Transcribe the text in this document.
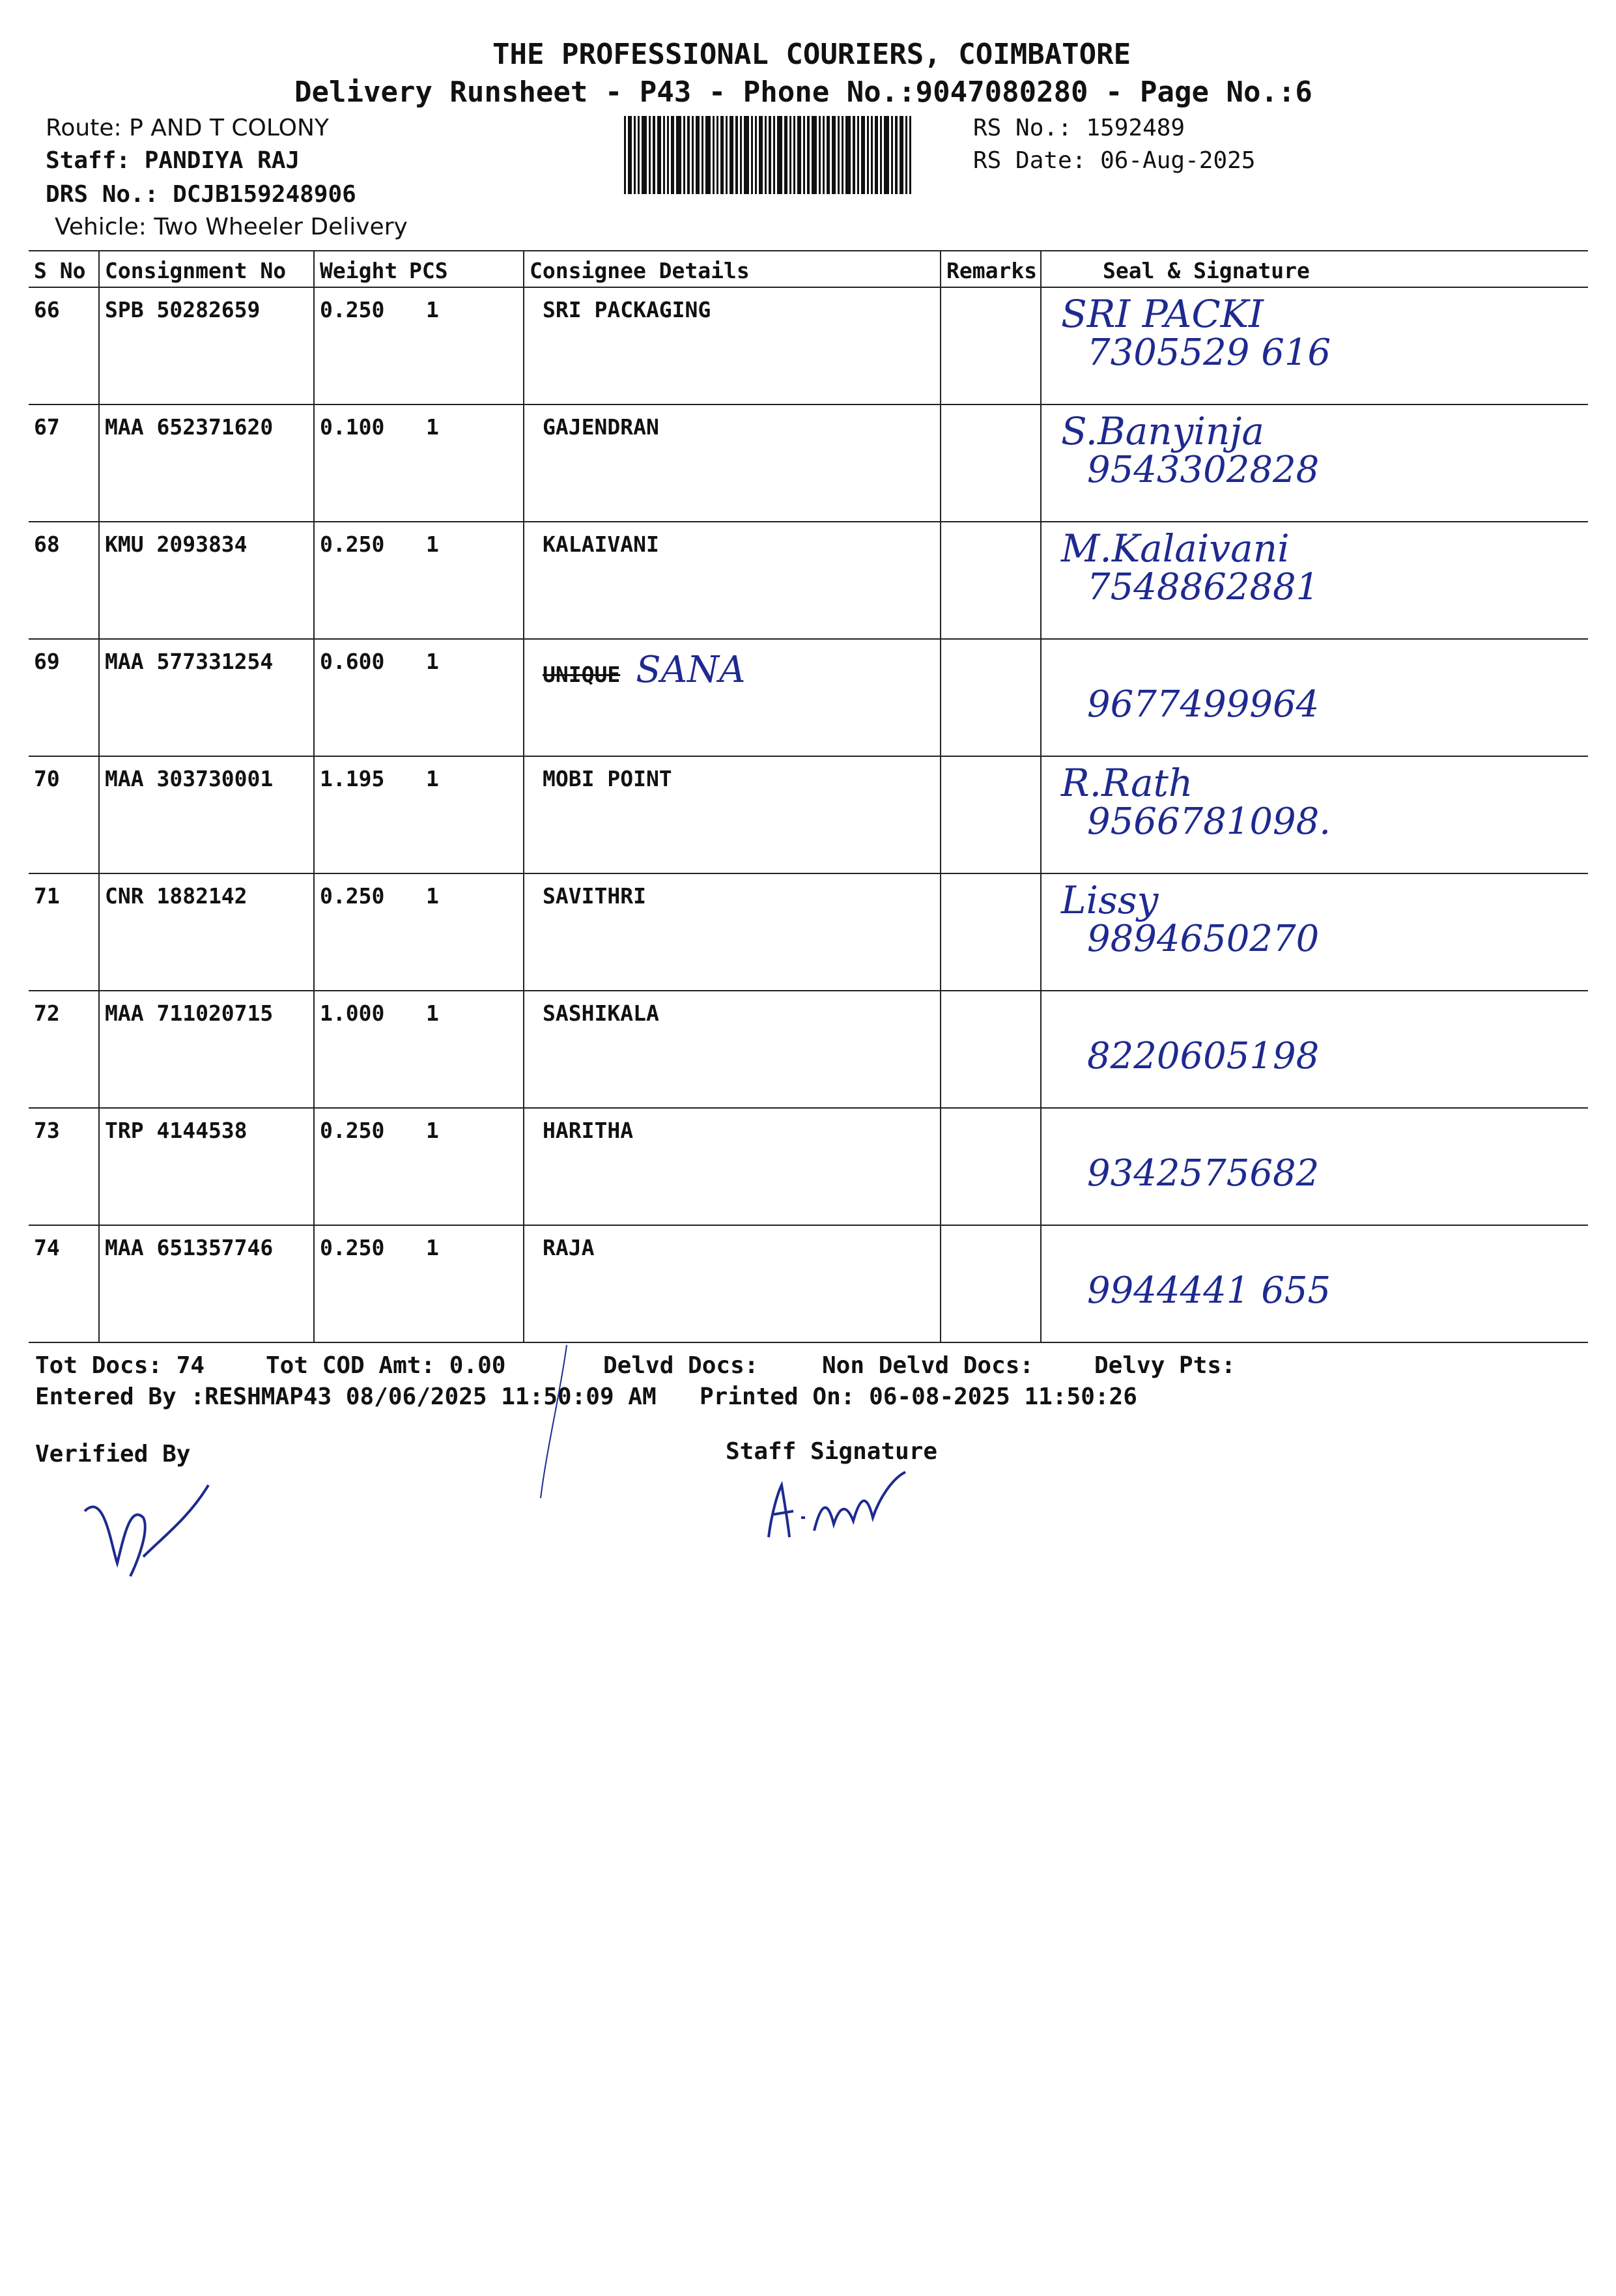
THE PROFESSIONAL COURIERS, COIMBATORE
Delivery Runsheet - P43 - Phone No.:9047080280 - Page No.:6
Route: P AND T COLONY
Staff: PANDIYA RAJ
DRS No.: DCJB159248906
Vehicle: Two Wheeler Delivery
RS No.: 1592489
RS Date: 06-Aug-2025
S No	Consignment No	Weight	PCS	Consignee Details	Remarks	Seal & Signature
66	SPB 50282659	0.250	1	SRI PACKAGING		SRI PACKI
7305529 616

67	MAA 652371620	0.100	1	GAJENDRAN		S.Banyinja
9543302828

68	KMU 2093834	0.250	1	KALAIVANI		M.Kalaivani
7548862881

69	MAA 577331254	0.600	1	UNIQUE SANA		9677499964

70	MAA 303730001	1.195	1	MOBI POINT		R.Rath
9566781098.

71	CNR 1882142	0.250	1	SAVITHRI		Lissy
9894650270

72	MAA 711020715	1.000	1	SASHIKALA		8220605198

73	TRP 4144538	0.250	1	HARITHA		9342575682

74	MAA 651357746	0.250	1	RAJA		9944441 655
Tot Docs: 74	Tot COD Amt: 0.00	Delvd Docs:	Non Delvd Docs:	Delvy Pts:
Entered By :RESHMAP43 08/06/2025 11:50:09 AM Printed On: 06-08-2025 11:50:26
Verified By	Staff Signature
